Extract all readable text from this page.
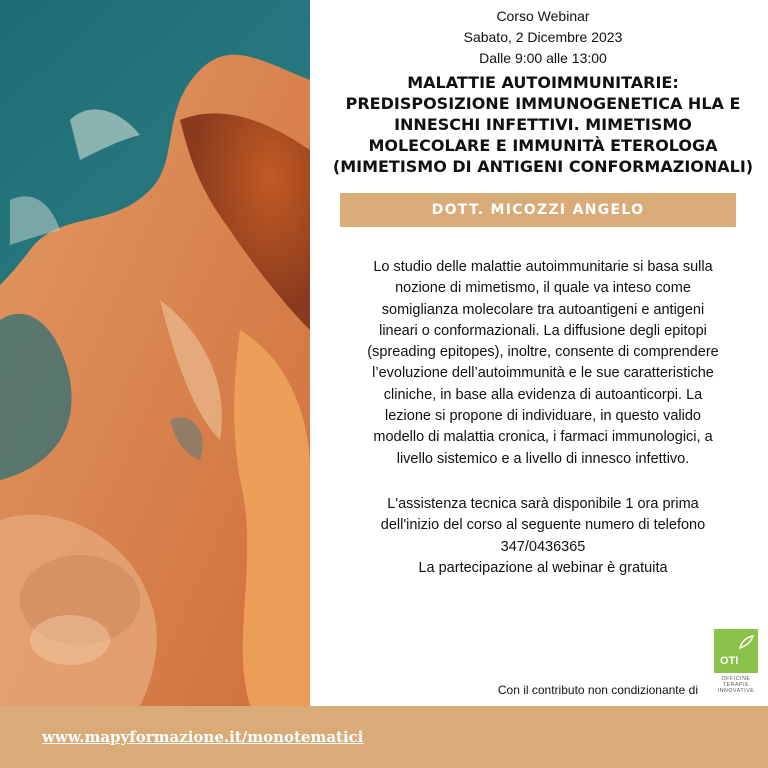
Corso Webinar
Sabato, 2 Dicembre 2023
Dalle 9:00 alle 13:00
MALATTIE AUTOIMMUNITARIE:
PREDISPOSIZIONE IMMUNOGENETICA HLA E
INNESCHI INFETTIVI. MIMETISMO
MOLECOLARE E IMMUNITÀ ETEROLOGA
(MIMETISMO DI ANTIGENI CONFORMAZIONALI)
DOTT. MICOZZI ANGELO
Lo studio delle malattie autoimmunitarie si basa sulla
nozione di mimetismo, il quale va inteso come
somiglianza molecolare tra autoantigeni e antigeni
lineari o conformazionali. La diffusione degli epitopi
(spreading epitopes), inoltre, consente di comprendere
l’evoluzione dell’autoimmunità e le sue caratteristiche
cliniche, in base alla evidenza di autoanticorpi. La
lezione si propone di individuare, in questo valido
modello di malattia cronica, i farmaci immunologici, a
livello sistemico e a livello di innesco infettivo.
L'assistenza tecnica sarà disponibile 1 ora prima
dell'inizio del corso al seguente numero di telefono
347/0436365
La partecipazione al webinar è gratuita
Con il contributo non condizionante di
OTI
OFFICINE
TERAPIE
INNOVATIVE
www.mapyformazione.it/monotematici
